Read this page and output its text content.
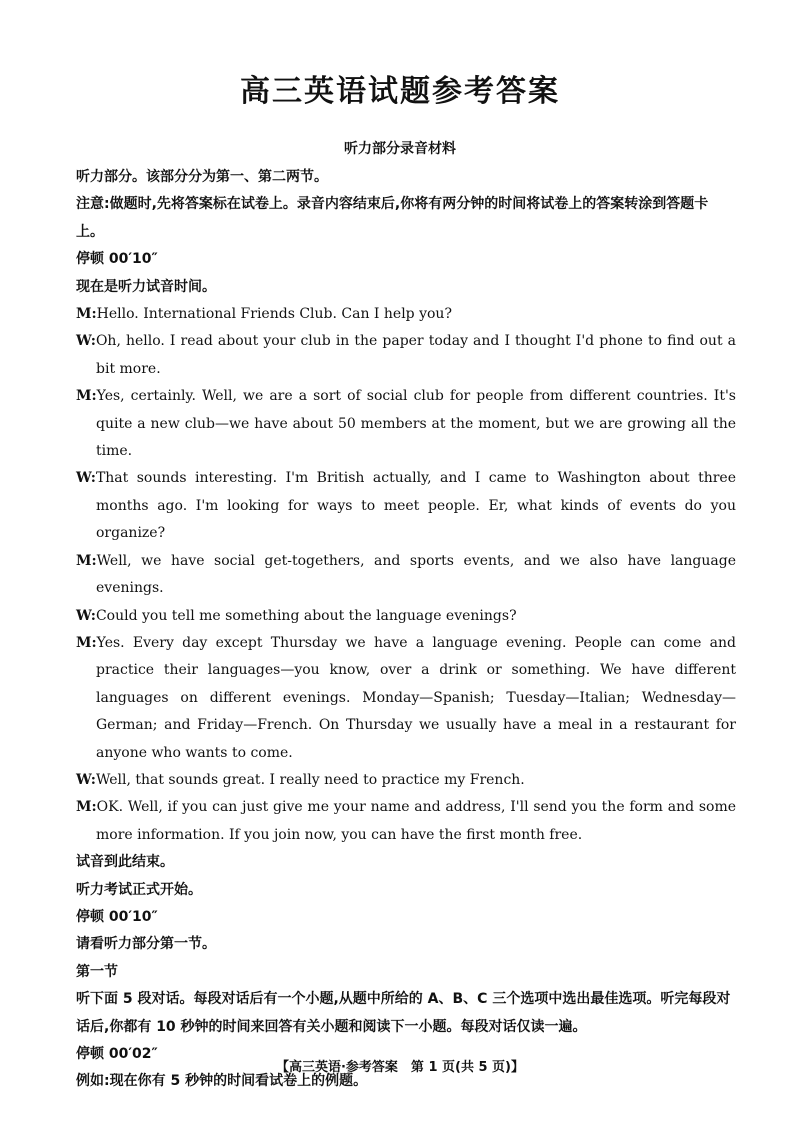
高三英语试题参考答案
听力部分录音材料

听力部分。该部分分为第一、第二两节。

注意:做题时,先将答案标在试卷上。录音内容结束后,你将有两分钟的时间将试卷上的答案转涂到答题卡上。

停顿 00′10″

现在是听力试音时间。

M:Hello. International Friends Club. Can I help you?

W:Oh, hello. I read about your club in the paper today and I thought I'd phone to find out a bit more.

M:Yes, certainly. Well, we are a sort of social club for people from different countries. It's quite a new club—we have about 50 members at the moment, but we are growing all the time.

W:That sounds interesting. I'm British actually, and I came to Washington about three months ago. I'm looking for ways to meet people. Er, what kinds of events do you organize?

M:Well, we have social get-togethers, and sports events, and we also have language evenings.

W:Could you tell me something about the language evenings?

M:Yes. Every day except Thursday we have a language evening. People can come and practice their languages—you know, over a drink or something. We have different languages on different evenings. Monday—Spanish; Tuesday—Italian; Wednesday—German; and Friday—French. On Thursday we usually have a meal in a restaurant for anyone who wants to come.

W:Well, that sounds great. I really need to practice my French.

M:OK. Well, if you can just give me your name and address, I'll send you the form and some more information. If you join now, you can have the first month free.

试音到此结束。

听力考试正式开始。

停顿 00′10″

请看听力部分第一节。

第一节

听下面 5 段对话。每段对话后有一个小题,从题中所给的 A、B、C 三个选项中选出最佳选项。听完每段对话后,你都有 10 秒钟的时间来回答有关小题和阅读下一小题。每段对话仅读一遍。

停顿 00′02″

例如:现在你有 5 秒钟的时间看试卷上的例题。

【高三英语·参考答案　第 1 页(共 5 页)】
